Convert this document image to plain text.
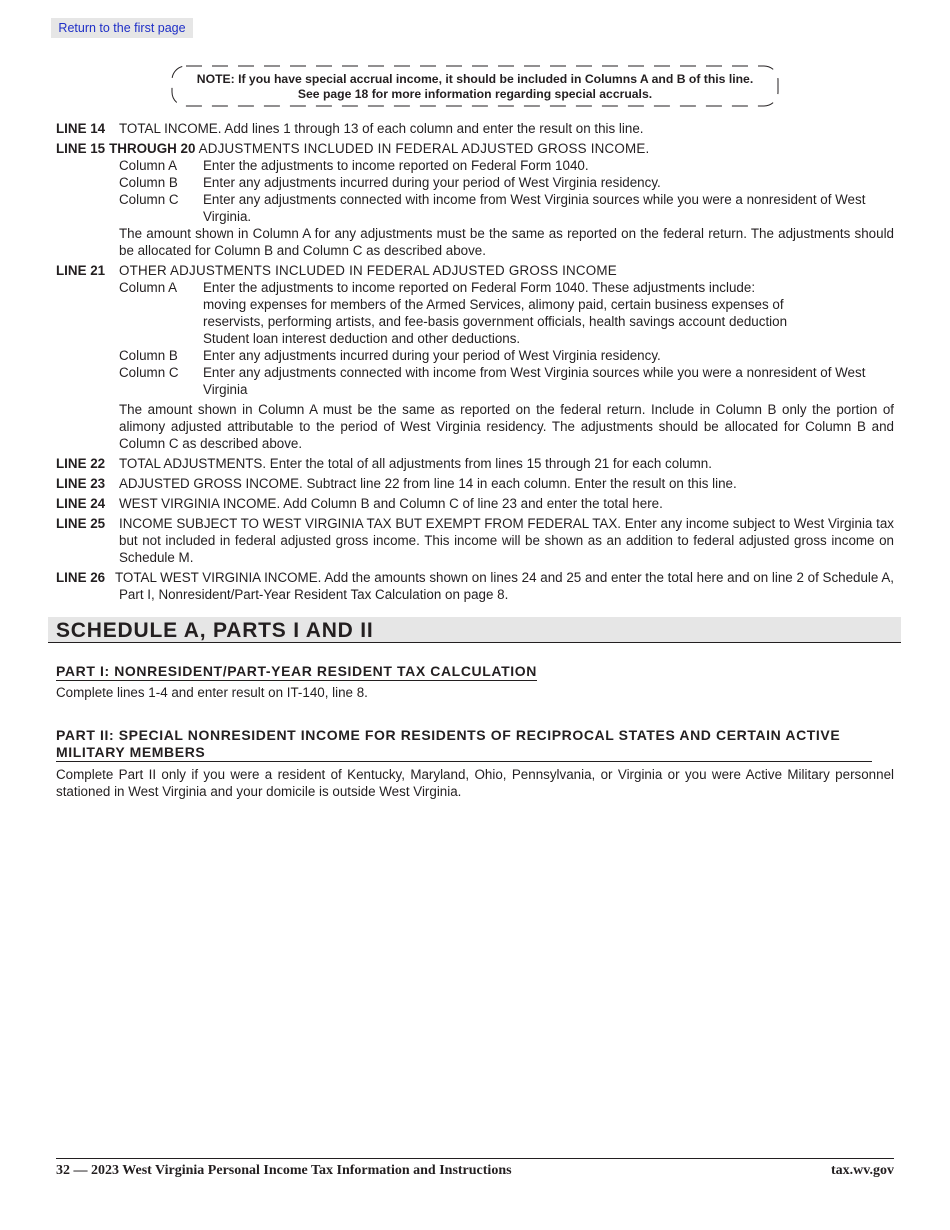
Return to the first page
NOTE: If you have special accrual income, it should be included in Columns A and B of this line.
See page 18 for more information regarding special accruals.
LINE 14 TOTAL INCOME. Add lines 1 through 13 of each column and enter the result on this line.
LINE 15 THROUGH 20 ADJUSTMENTS INCLUDED IN FEDERAL ADJUSTED GROSS INCOME.
Column A	Enter the adjustments to income reported on Federal Form 1040.
Column B	Enter any adjustments incurred during your period of West Virginia residency.
Column C	Enter any adjustments connected with income from West Virginia sources while you were a nonresident of West Virginia.
The amount shown in Column A for any adjustments must be the same as reported on the federal return. The adjustments should be allocated for Column B and Column C as described above.
LINE 21 OTHER ADJUSTMENTS INCLUDED IN FEDERAL ADJUSTED GROSS INCOME
Column A	Enter the adjustments to income reported on Federal Form 1040. These adjustments include:
moving expenses for members of the Armed Services, alimony paid, certain business expenses of reservists, performing artists, and fee-basis government officials, health savings account deduction
Student loan interest deduction and other deductions.
Column B	Enter any adjustments incurred during your period of West Virginia residency.
Column C	Enter any adjustments connected with income from West Virginia sources while you were a nonresident of West Virginia
The amount shown in Column A must be the same as reported on the federal return. Include in Column B only the portion of alimony adjusted attributable to the period of West Virginia residency. The adjustments should be allocated for Column B and Column C as described above.
LINE 22 TOTAL ADJUSTMENTS. Enter the total of all adjustments from lines 15 through 21 for each column.
LINE 23 ADJUSTED GROSS INCOME. Subtract line 22 from line 14 in each column. Enter the result on this line.
LINE 24 WEST VIRGINIA INCOME. Add Column B and Column C of line 23 and enter the total here.
LINE 25 INCOME SUBJECT TO WEST VIRGINIA TAX BUT EXEMPT FROM FEDERAL TAX. Enter any income subject to West Virginia tax but not included in federal adjusted gross income. This income will be shown as an addition to federal adjusted gross income on Schedule M.
LINE 26 TOTAL WEST VIRGINIA INCOME. Add the amounts shown on lines 24 and 25 and enter the total here and on line 2 of Schedule A, Part I, Nonresident/Part-Year Resident Tax Calculation on page 8.
SCHEDULE A, PARTS I AND II
PART I: NONRESIDENT/PART-YEAR RESIDENT TAX CALCULATION
Complete lines 1-4 and enter result on IT-140, line 8.
PART II: SPECIAL NONRESIDENT INCOME FOR RESIDENTS OF RECIPROCAL STATES AND CERTAIN ACTIVE MILITARY MEMBERS
Complete Part II only if you were a resident of Kentucky, Maryland, Ohio, Pennsylvania, or Virginia or you were Active Military personnel stationed in West Virginia and your domicile is outside West Virginia.
32 — 2023 West Virginia Personal Income Tax Information and Instructions	tax.wv.gov
